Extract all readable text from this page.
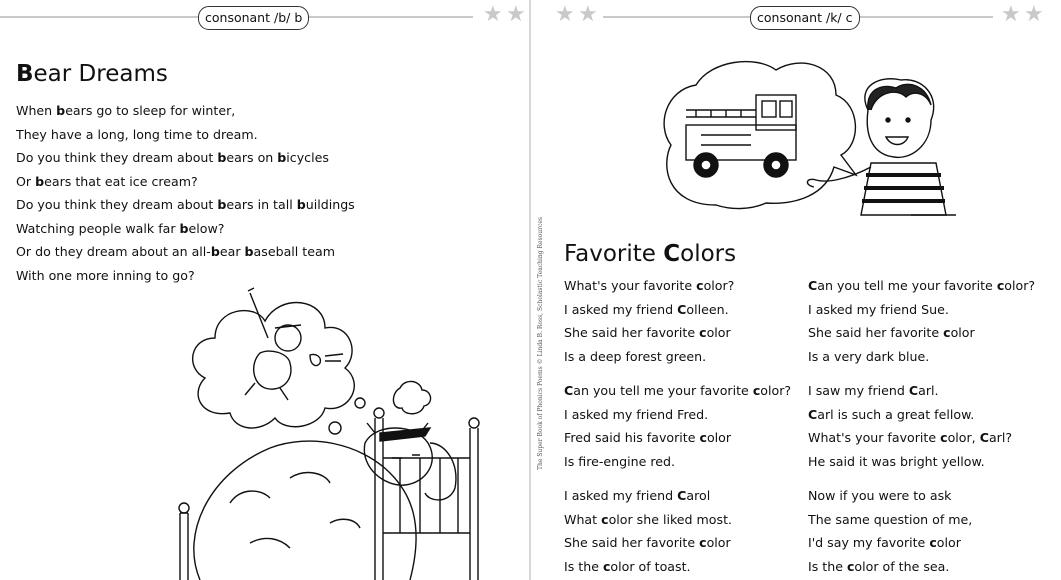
★ ★
consonant /b/ b
Bear Dreams
When bears go to sleep for winter,
They have a long, long time to dream.
Do you think they dream about bears on bicycles
Or bears that eat ice cream?
Do you think they dream about bears in tall buildings
Watching people walk far below?
Or do they dream about an all-bear baseball team
With one more inning to go?
★ ★	★ ★
consonant /k/ c
Favorite Colors
What's your favorite color?
I asked my friend Colleen.
She said her favorite color
Is a deep forest green.
Can you tell me your favorite color?
I asked my friend Fred.
Fred said his favorite color
Is fire-engine red.
I asked my friend Carol
What color she liked most.
She said her favorite color
Is the color of toast.
Can you tell me your favorite color?
I asked my friend Sue.
She said her favorite color
Is a very dark blue.
I saw my friend Carl.
Carl is such a great fellow.
What's your favorite color, Carl?
He said it was bright yellow.
Now if you were to ask
The same question of me,
I'd say my favorite color
Is the color of the sea.
The Super Book of Phonics Poems © Linda B. Ross, Scholastic Teaching Resources
